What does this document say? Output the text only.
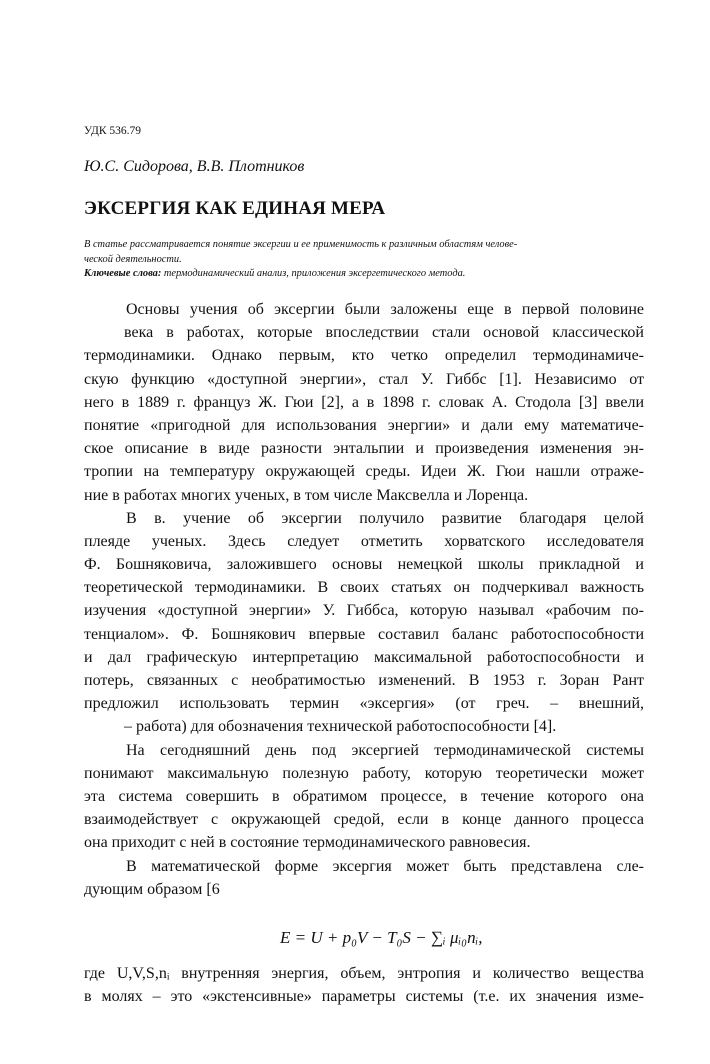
УДК 536.79
Ю.С. Сидорова, В.В. Плотников
ЭКСЕРГИЯ КАК ЕДИНАЯ МЕРА
В статье рассматривается понятие эксергии и ее применимость к различным областям челове-
ческой деятельности.
Ключевые слова: термодинамический анализ, приложения эксергетического метода.
Основы учения об эксергии были заложены еще в первой половине
века в работах, которые впоследствии стали основой классической
термодинамики. Однако первым, кто четко определил термодинамиче-
скую функцию «доступной энергии», стал У. Гиббс [1]. Независимо от
него в 1889 г. француз Ж. Гюи [2], а в 1898 г. словак А. Стодола [3] ввели
понятие «пригодной для использования энергии» и дали ему математиче-
ское описание в виде разности энтальпии и произведения изменения эн-
тропии на температуру окружающей среды. Идеи Ж. Гюи нашли отраже-
ние в работах многих ученых, в том числе Максвелла и Лоренца.
В в. учение об эксергии получило развитие благодаря целой
плеяде ученых. Здесь следует отметить хорватского исследователя
Ф. Бошняковича, заложившего основы немецкой школы прикладной и
теоретической термодинамики. В своих статьях он подчеркивал важность
изучения «доступной энергии» У. Гиббса, которую называл «рабочим по-
тенциалом». Ф. Бошнякович впервые составил баланс работоспособности
и дал графическую интерпретацию максимальной работоспособности и
потерь, связанных с необратимостью изменений. В 1953 г. Зоран Рант
предложил использовать термин «эксергия» (от греч. – внешний,
– работа) для обозначения технической работоспособности [4].
На сегодняшний день под эксергией термодинамической системы
понимают максимальную полезную работу, которую теоретически может
эта система совершить в обратимом процессе, в течение которого она
взаимодействует с окружающей средой, если в конце данного процесса
она приходит с ней в состояние термодинамического равновесия.
В математической форме эксергия может быть представлена сле-
дующим образом [6
E = U + p₀V − T₀S − ∑ᵢ μᵢ₀nᵢ,
где U,V,S,nᵢ внутренняя энергия, объем, энтропия и количество вещества
в молях – это «экстенсивные» параметры системы (т.е. их значения изме-
